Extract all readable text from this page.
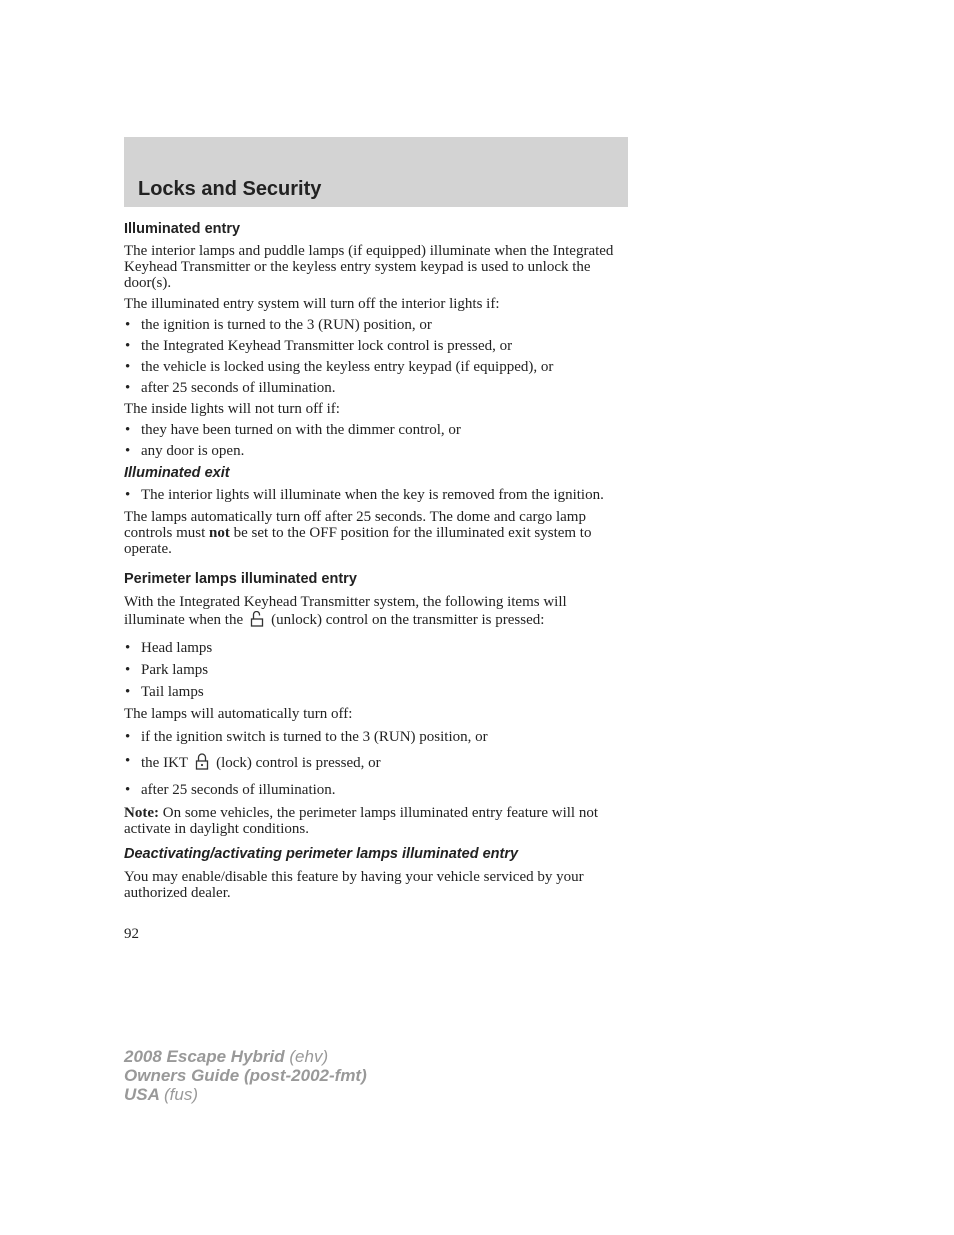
Locks and Security
Illuminated entry

The interior lamps and puddle lamps (if equipped) illuminate when the Integrated Keyhead Transmitter or the keyless entry system keypad is used to unlock the door(s).

The illuminated entry system will turn off the interior lights if:

• the ignition is turned to the 3 (RUN) position, or
• the Integrated Keyhead Transmitter lock control is pressed, or
• the vehicle is locked using the keyless entry keypad (if equipped), or
• after 25 seconds of illumination.

The inside lights will not turn off if:

• they have been turned on with the dimmer control, or
• any door is open.
Illuminated exit
• The interior lights will illuminate when the key is removed from the ignition.

The lamps automatically turn off after 25 seconds. The dome and cargo lamp controls must not be set to the OFF position for the illuminated exit system to operate.

Perimeter lamps illuminated entry

With the Integrated Keyhead Transmitter system, the following items will illuminate when the (unlock) control on the transmitter is pressed:

• Head lamps
• Park lamps
• Tail lamps

The lamps will automatically turn off:

• if the ignition switch is turned to the 3 (RUN) position, or
• the IKT (lock) control is pressed, or
• after 25 seconds of illumination.

Note: On some vehicles, the perimeter lamps illuminated entry feature will not activate in daylight conditions.

Deactivating/activating perimeter lamps illuminated entry

You may enable/disable this feature by having your vehicle serviced by your authorized dealer.

92
2008 Escape Hybrid (ehv)
Owners Guide (post-2002-fmt)
USA (fus)
